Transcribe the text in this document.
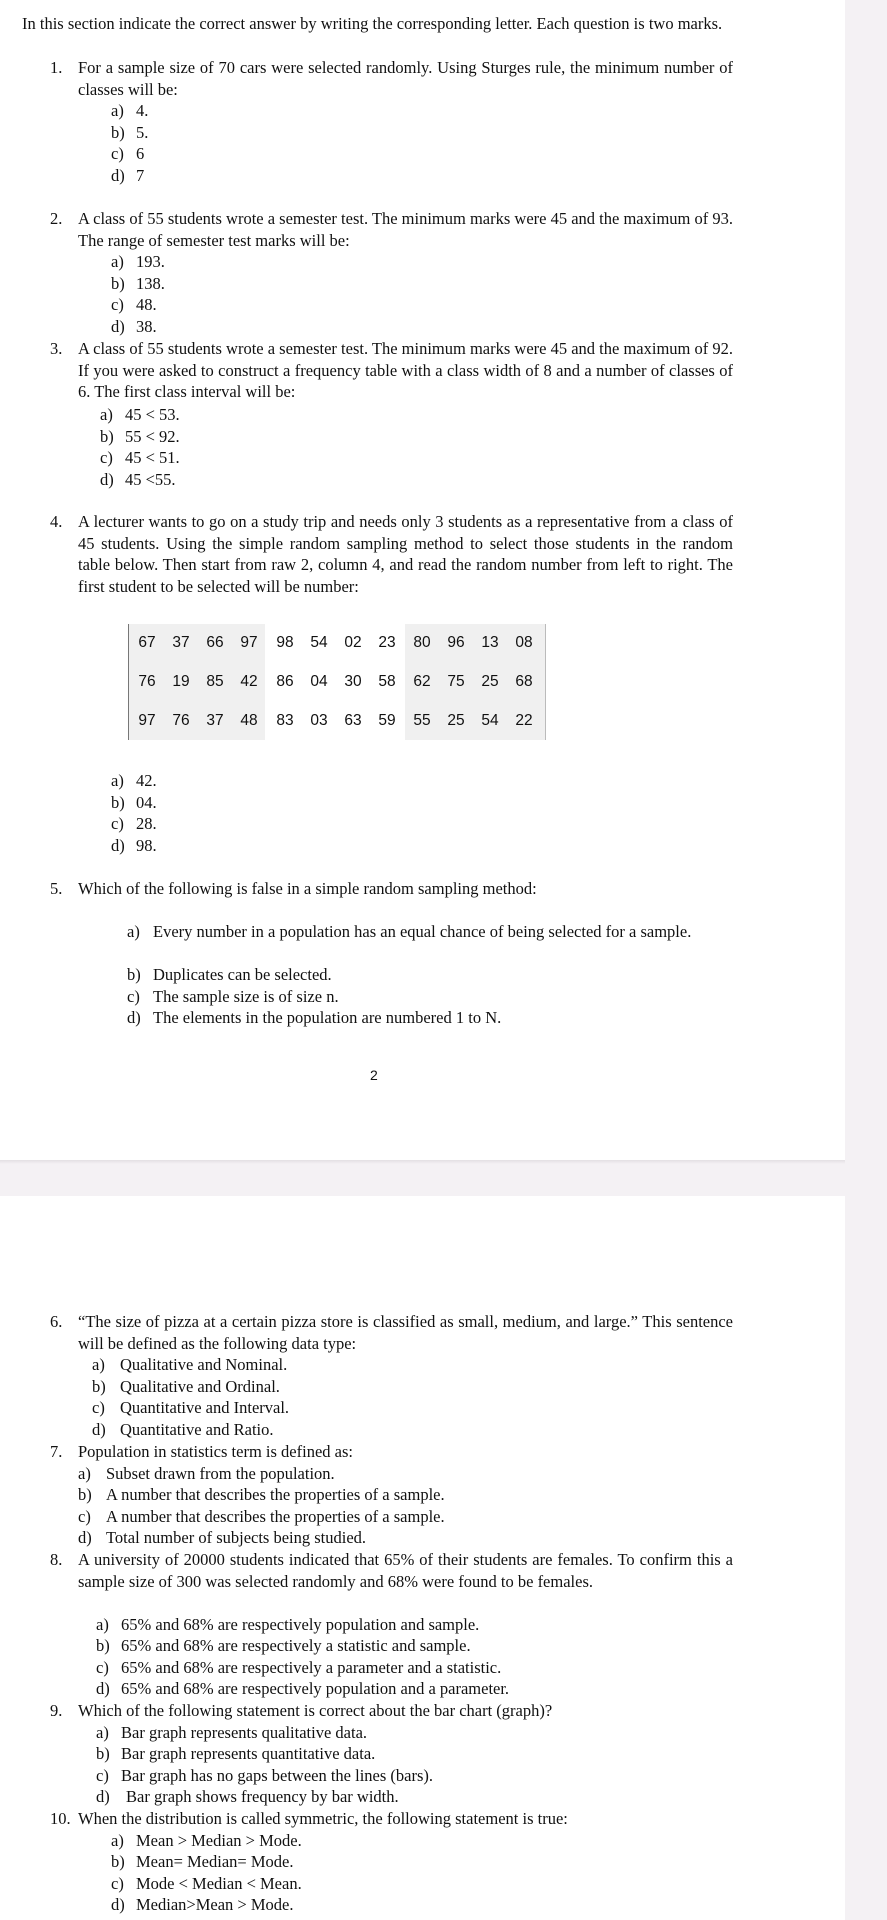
In this section indicate the correct answer by writing the corresponding letter. Each question is two marks.
1. For a sample size of 70 cars were selected randomly. Using Sturges rule, the minimum number of classes will be:
a) 4.
b) 5.
c) 6
d) 7
2. A class of 55 students wrote a semester test. The minimum marks were 45 and the maximum of 93. The range of semester test marks will be:
a) 193.
b) 138.
c) 48.
d) 38.
3. A class of 55 students wrote a semester test. The minimum marks were 45 and the maximum of 92. If you were asked to construct a frequency table with a class width of 8 and a number of classes of 6. The first class interval will be:
a) 45 < 53.
b) 55 < 92.
c) 45 < 51.
d) 45 <55.
4. A lecturer wants to go on a study trip and needs only 3 students as a representative from a class of 45 students. Using the simple random sampling method to select those students in the random table below. Then start from raw 2, column 4, and read the random number from left to right. The first student to be selected will be number:
67	37	66	97	98	54	02	23	80	96	13	08
76	19	85	42	86	04	30	58	62	75	25	68
97	76	37	48	83	03	63	59	55	25	54	22
a) 42.
b) 04.
c) 28.
d) 98.
5. Which of the following is false in a simple random sampling method:
a) Every number in a population has an equal chance of being selected for a sample.
b) Duplicates can be selected.
c) The sample size is of size n.
d) The elements in the population are numbered 1 to N.
2
6. “The size of pizza at a certain pizza store is classified as small, medium, and large.” This sentence will be defined as the following data type:
a) Qualitative and Nominal.
b) Qualitative and Ordinal.
c) Quantitative and Interval.
d) Quantitative and Ratio.
7. Population in statistics term is defined as:
a) Subset drawn from the population.
b) A number that describes the properties of a sample.
c) A number that describes the properties of a sample.
d) Total number of subjects being studied.
8. A university of 20000 students indicated that 65% of their students are females. To confirm this a sample size of 300 was selected randomly and 68% were found to be females.
a) 65% and 68% are respectively population and sample.
b) 65% and 68% are respectively a statistic and sample.
c) 65% and 68% are respectively a parameter and a statistic.
d) 65% and 68% are respectively population and a parameter.
9. Which of the following statement is correct about the bar chart (graph)?
a) Bar graph represents qualitative data.
b) Bar graph represents quantitative data.
c) Bar graph has no gaps between the lines (bars).
d) Bar graph shows frequency by bar width.
10. When the distribution is called symmetric, the following statement is true:
a) Mean > Median > Mode.
b) Mean= Median= Mode.
c) Mode < Median < Mean.
d) Median>Mean > Mode.
